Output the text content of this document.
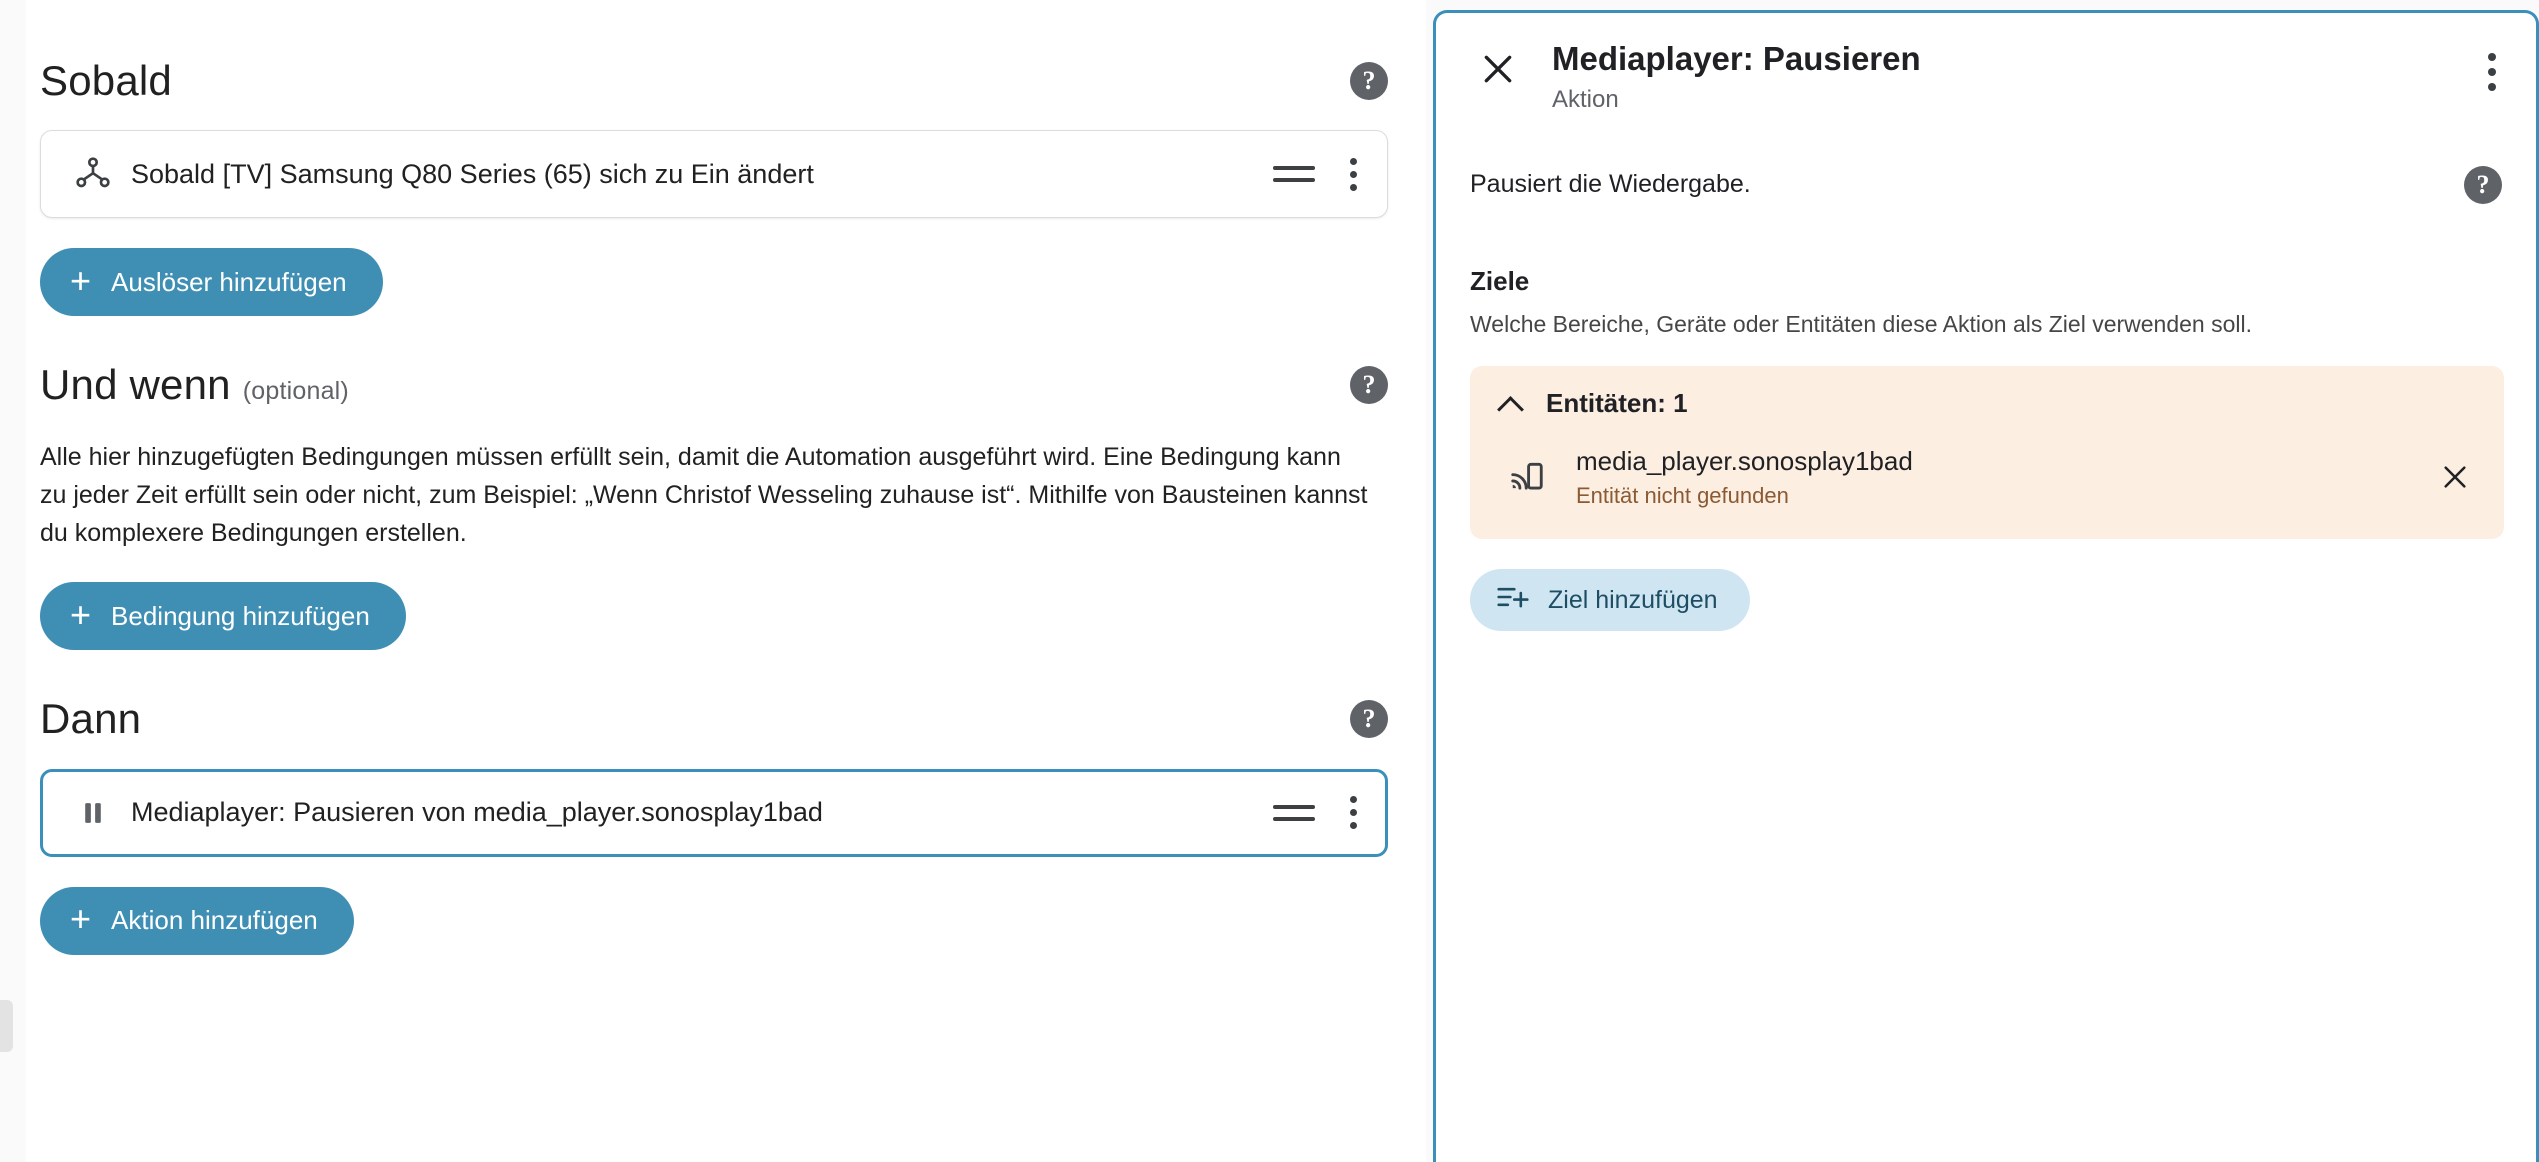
Sobald	?
Sobald [TV] Samsung Q80 Series (65) sich zu Ein ändert
+ Auslöser hinzufügen
Und wenn (optional)	?
Alle hier hinzugefügten Bedingungen müssen erfüllt sein, damit die Automation ausgeführt wird. Eine Bedingung kann zu jeder Zeit erfüllt sein oder nicht, zum Beispiel: „Wenn Christof Wesseling zuhause ist“. Mithilfe von Bausteinen kannst du komplexere Bedingungen erstellen.
+ Bedingung hinzufügen
Dann	?
Mediaplayer: Pausieren von media_player.sonosplay1bad
+ Aktion hinzufügen
Mediaplayer: Pausieren
Aktion
Pausiert die Wiedergabe.	?
Ziele
Welche Bereiche, Geräte oder Entitäten diese Aktion als Ziel verwenden soll.
Entitäten: 1
media_player.sonosplay1bad
Entität nicht gefunden
Ziel hinzufügen
